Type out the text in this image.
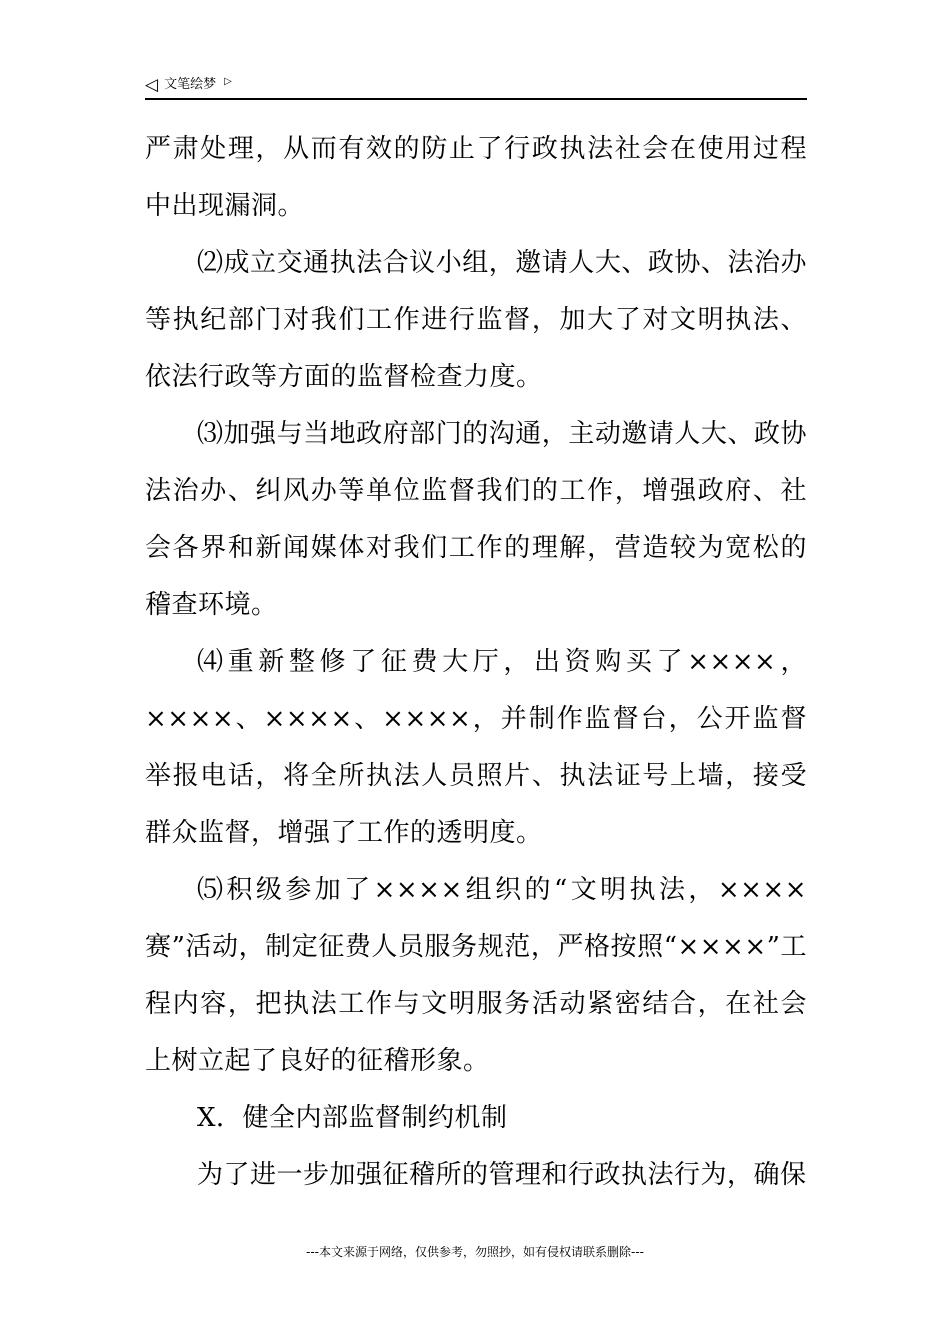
◁ 文笔绘梦 ▷

严肃处理，从而有效的防止了行政执法社会在使用过程中出现漏洞。

⑵成立交通执法合议小组，邀请人大、政协、法治办等执纪部门对我们工作进行监督，加大了对文明执法、依法行政等方面的监督检查力度。

⑶加强与当地政府部门的沟通，主动邀请人大、政协法治办、纠风办等单位监督我们的工作，增强政府、社会各界和新闻媒体对我们工作的理解，营造较为宽松的稽查环境。

⑷重新整修了征费大厅，出资购买了××××，××××、××××、××××，并制作监督台，公开监督举报电话，将全所执法人员照片、执法证号上墙，接受群众监督，增强了工作的透明度。

⑸积级参加了××××组织的“文明执法，××××赛”活动，制定征费人员服务规范，严格按照“××××”工程内容，把执法工作与文明服务活动紧密结合，在社会上树立起了良好的征稽形象。

X．健全内部监督制约机制

为了进一步加强征稽所的管理和行政执法行为，确保

---本文来源于网络，仅供参考，勿照抄，如有侵权请联系删除---
